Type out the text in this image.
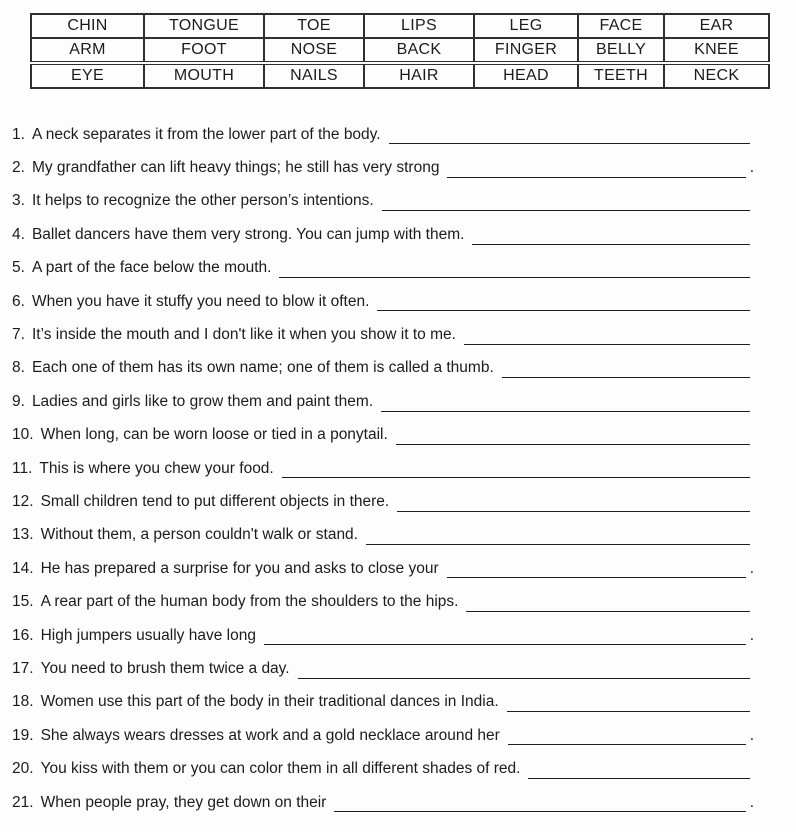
CHIN	TONGUE	TOE	LIPS	LEG	FACE	EAR
ARM	FOOT	NOSE	BACK	FINGER	BELLY	KNEE
EYE	MOUTH	NAILS	HAIR	HEAD	TEETH	NECK
1. A neck separates it from the lower part of the body.
2. My grandfather can lift heavy things; he still has very strong	.
3. It helps to recognize the other person’s intentions.
4. Ballet dancers have them very strong. You can jump with them.
5. A part of the face below the mouth.
6. When you have it stuffy you need to blow it often.
7. It’s inside the mouth and I don't like it when you show it to me.
8. Each one of them has its own name; one of them is called a thumb.
9. Ladies and girls like to grow them and paint them.
10. When long, can be worn loose or tied in a ponytail.
11. This is where you chew your food.
12. Small children tend to put different objects in there.
13. Without them, a person couldn't walk or stand.
14. He has prepared a surprise for you and asks to close your	.
15. A rear part of the human body from the shoulders to the hips.
16. High jumpers usually have long	.
17. You need to brush them twice a day.
18. Women use this part of the body in their traditional dances in India.
19. She always wears dresses at work and a gold necklace around her	.
20. You kiss with them or you can color them in all different shades of red.
21. When people pray, they get down on their	.
